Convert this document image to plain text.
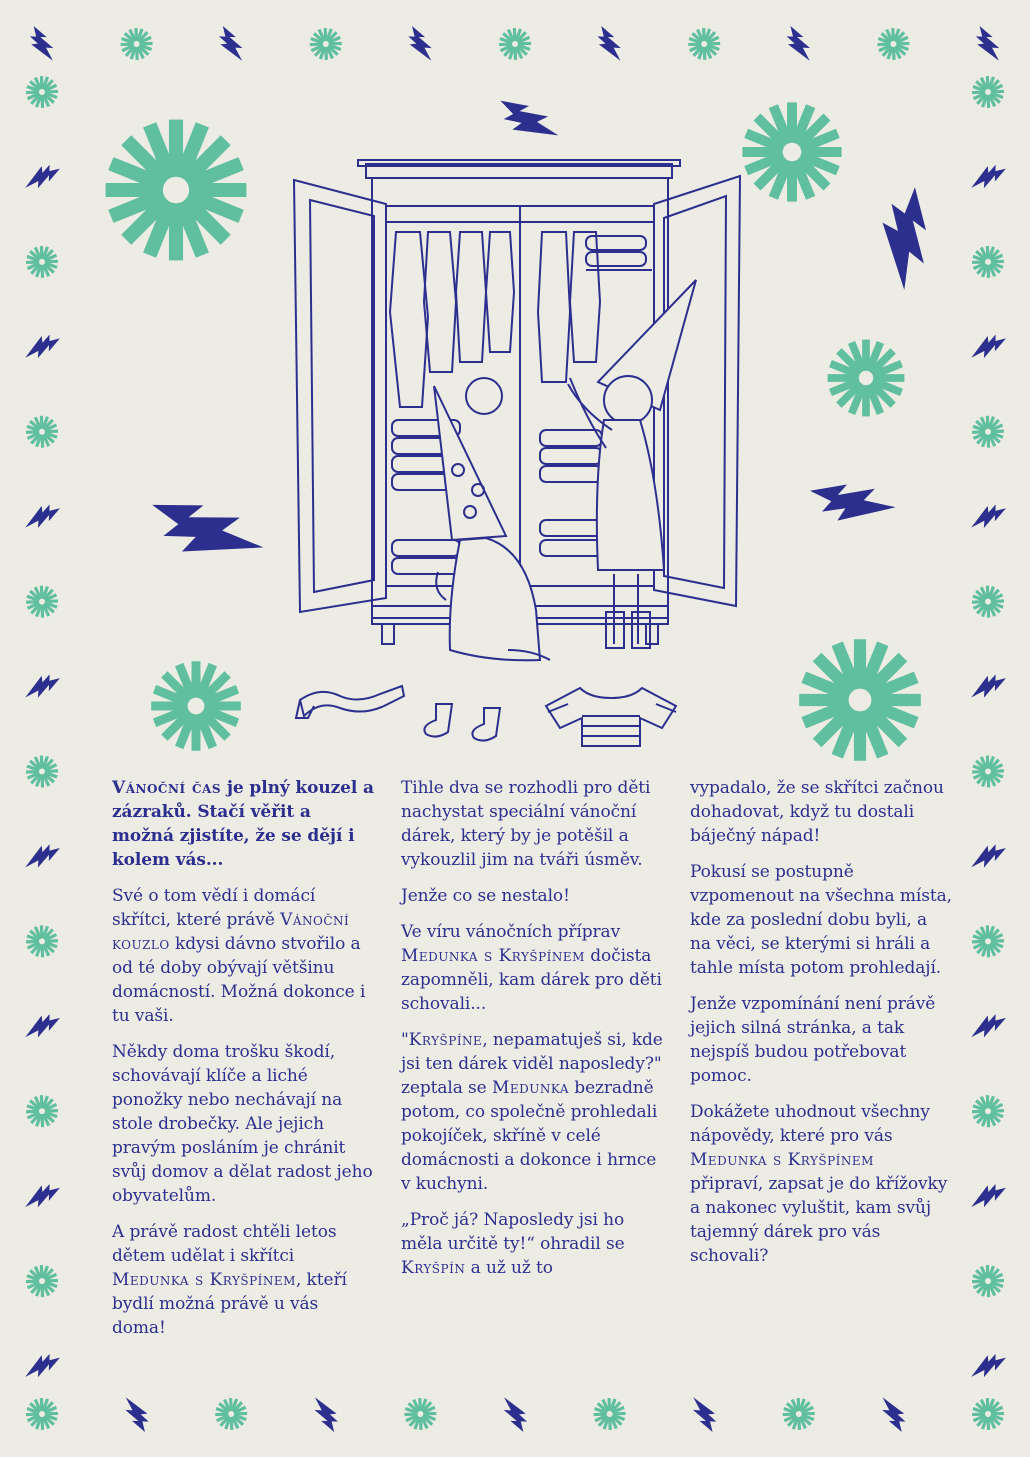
Vánoční čas je plný kouzel a zázraků. Stačí věřit a možná zjistíte, že se dějí i kolem vás...

Své o tom vědí i domácí skřítci, které právě Vánoční kouzlo kdysi dávno stvořilo a od té doby obývají většinu domácností. Možná dokonce i tu vaši.

Někdy doma trošku škodí, schovávají klíče a liché ponožky nebo nechávají na stole drobečky. Ale jejich pravým posláním je chránit svůj domov a dělat radost jeho obyvatelům.

A právě radost chtěli letos dětem udělat i skřítci Medunka s Kryšpínem, kteří bydlí možná právě u vás doma!

Tihle dva se rozhodli pro děti nachystat speciální vánoční dárek, který by je potěšil a vykouzlil jim na tváři úsměv.

Jenže co se nestalo!

Ve víru vánočních příprav Medunka s Kryšpínem dočista zapomněli, kam dárek pro děti schovali...

"Kryšpíne, nepamatuješ si, kde jsi ten dárek viděl naposledy?" zeptala se Medunka bezradně potom, co společně prohledali pokojíček, skříně v celé domácnosti a dokonce i hrnce v kuchyni.

„Proč já? Naposledy jsi ho měla určitě ty!“ ohradil se Kryšpín a už už to

vypadalo, že se skřítci začnou dohadovat, když tu dostali báječný nápad!

Pokusí se postupně vzpomenout na všechna místa, kde za poslední dobu byli, a na věci, se kterými si hráli a tahle místa potom prohledají.

Jenže vzpomínání není právě jejich silná stránka, a tak nejspíš budou potřebovat pomoc.

Dokážete uhodnout všechny nápovědy, které pro vás Medunka s Kryšpínem připraví, zapsat je do křížovky a nakonec vyluštit, kam svůj tajemný dárek pro vás schovali?
